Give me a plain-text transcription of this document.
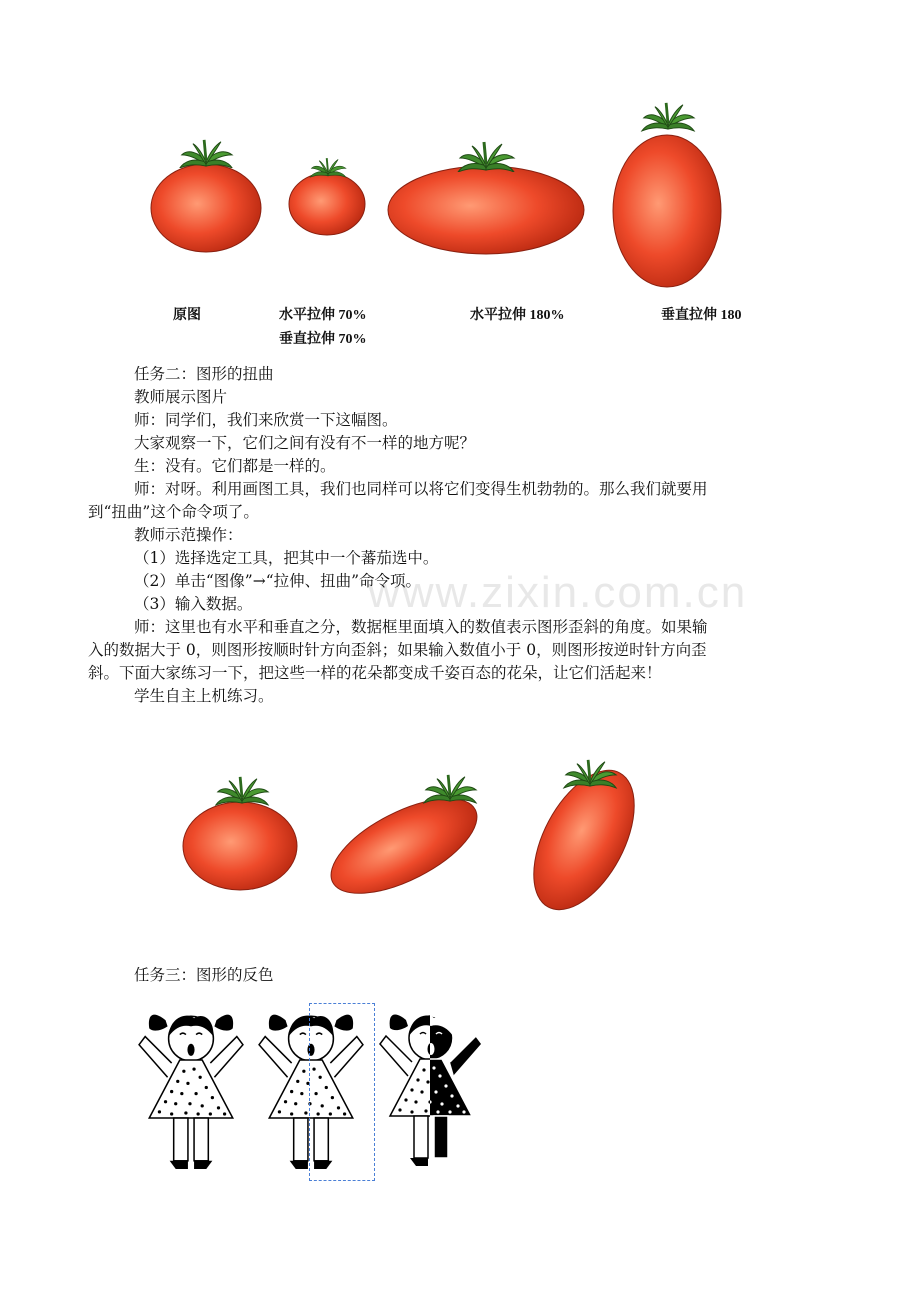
原图	水平拉伸 70%
垂直拉伸 70%
水平拉伸 180%	垂直拉伸 180
www.zixin.com.cn
任务二：图形的扭曲
教师展示图片
师：同学们，我们来欣赏一下这幅图。
大家观察一下，它们之间有没有不一样的地方呢？
生：没有。它们都是一样的。
师：对呀。利用画图工具，我们也同样可以将它们变得生机勃勃的。那么我们就要用
到“扭曲”这个命令项了。
教师示范操作：
（1）选择选定工具，把其中一个蕃茄选中。
（2）单击“图像”→“拉伸、扭曲”命令项。
（3）输入数据。
师：这里也有水平和垂直之分，数据框里面填入的数值表示图形歪斜的角度。如果输
入的数据大于 0，则图形按顺时针方向歪斜；如果输入数值小于 0，则图形按逆时针方向歪
斜。下面大家练习一下，把这些一样的花朵都变成千姿百态的花朵，让它们活起来！
学生自主上机练习。
任务三：图形的反色
